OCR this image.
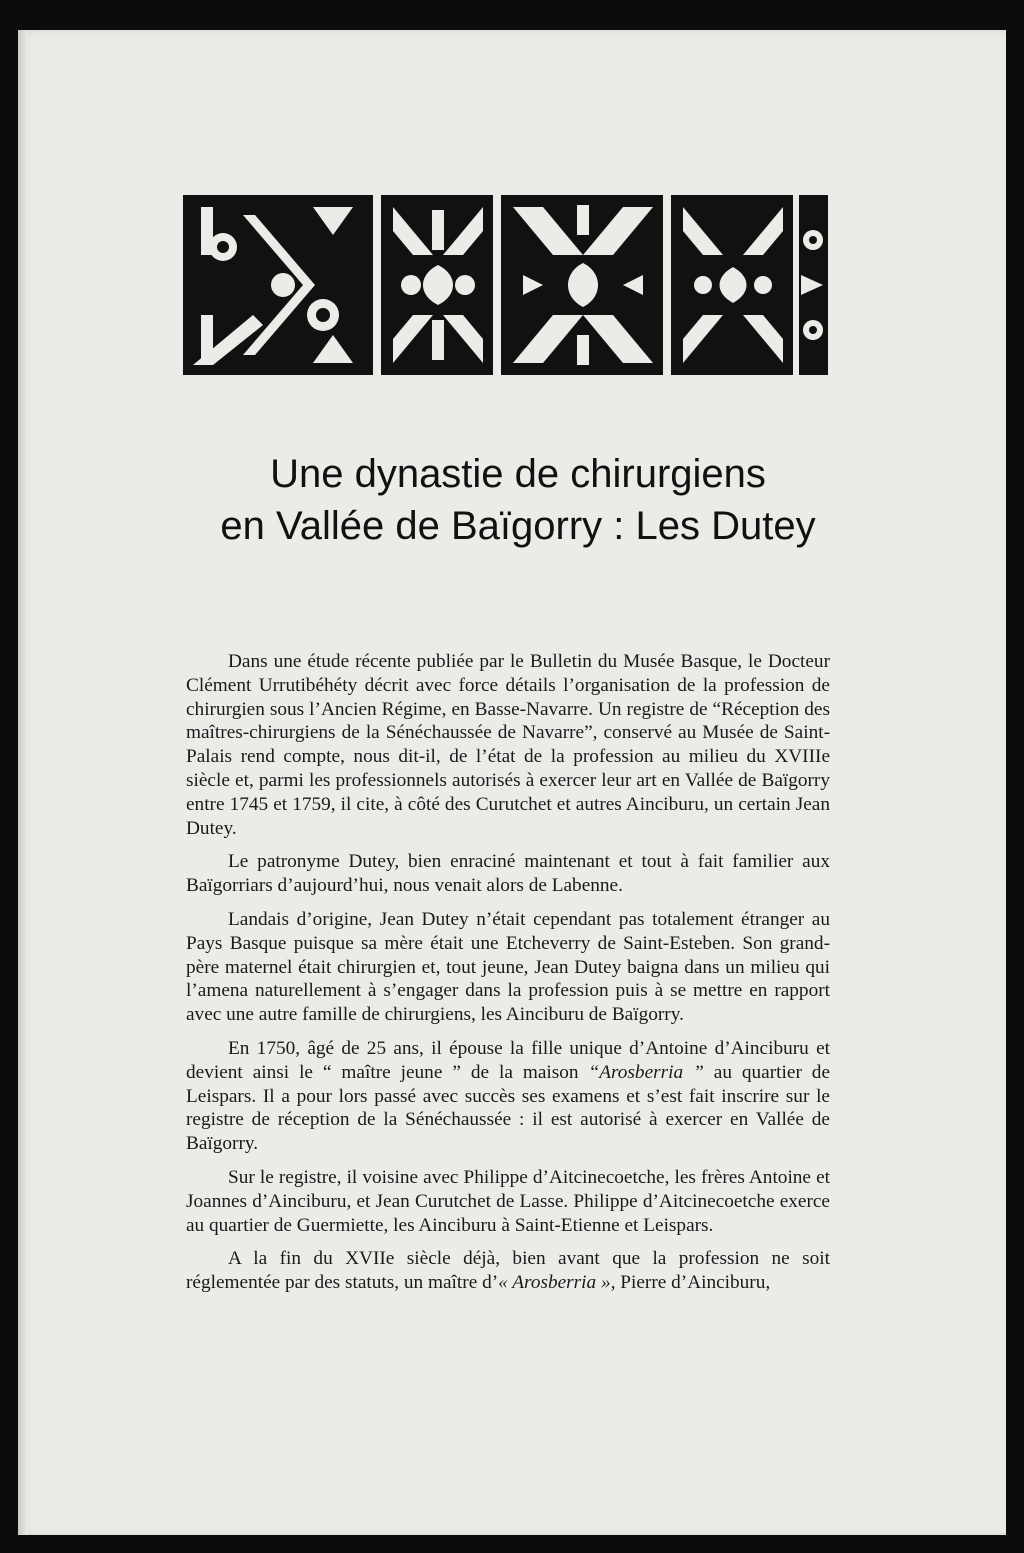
Une dynastie de chirurgiens
en Vallée de Baïgorry : Les Dutey

Dans une étude récente publiée par le Bulletin du Musée Basque, le Docteur Clément Urrutibéhéty décrit avec force détails l’organisation de la profession de chirurgien sous l’Ancien Régime, en Basse-Navarre. Un registre de “Réception des maîtres-chirurgiens de la Sénéchaussée de Navarre”, conservé au Musée de Saint-Palais rend compte, nous dit-il, de l’état de la profession au milieu du XVIIIe siècle et, parmi les professionnels autorisés à exercer leur art en Vallée de Baïgorry entre 1745 et 1759, il cite, à côté des Curutchet et autres Ainciburu, un certain Jean Dutey.

Le patronyme Dutey, bien enraciné maintenant et tout à fait familier aux Baïgorriars d’aujourd’hui, nous venait alors de Labenne.

Landais d’origine, Jean Dutey n’était cependant pas totalement étranger au Pays Basque puisque sa mère était une Etcheverry de Saint-Esteben. Son grand-père maternel était chirurgien et, tout jeune, Jean Dutey baigna dans un milieu qui l’amena naturellement à s’engager dans la profession puis à se mettre en rapport avec une autre famille de chirurgiens, les Ainciburu de Baïgorry.

En 1750, âgé de 25 ans, il épouse la fille unique d’Antoine d’Ainciburu et devient ainsi le “ maître jeune ” de la maison “Arosberria ” au quartier de Leispars. Il a pour lors passé avec succès ses examens et s’est fait inscrire sur le registre de réception de la Sénéchaussée : il est autorisé à exercer en Vallée de Baïgorry.

Sur le registre, il voisine avec Philippe d’Aitcinecoetche, les frères Antoine et Joannes d’Ainciburu, et Jean Curutchet de Lasse. Philippe d’Aitcinecoetche exerce au quartier de Guermiette, les Ainciburu à Saint-Etienne et Leispars.

A la fin du XVIIe siècle déjà, bien avant que la profession ne soit réglementée par des statuts, un maître d’« Arosberria », Pierre d’Ainciburu,
